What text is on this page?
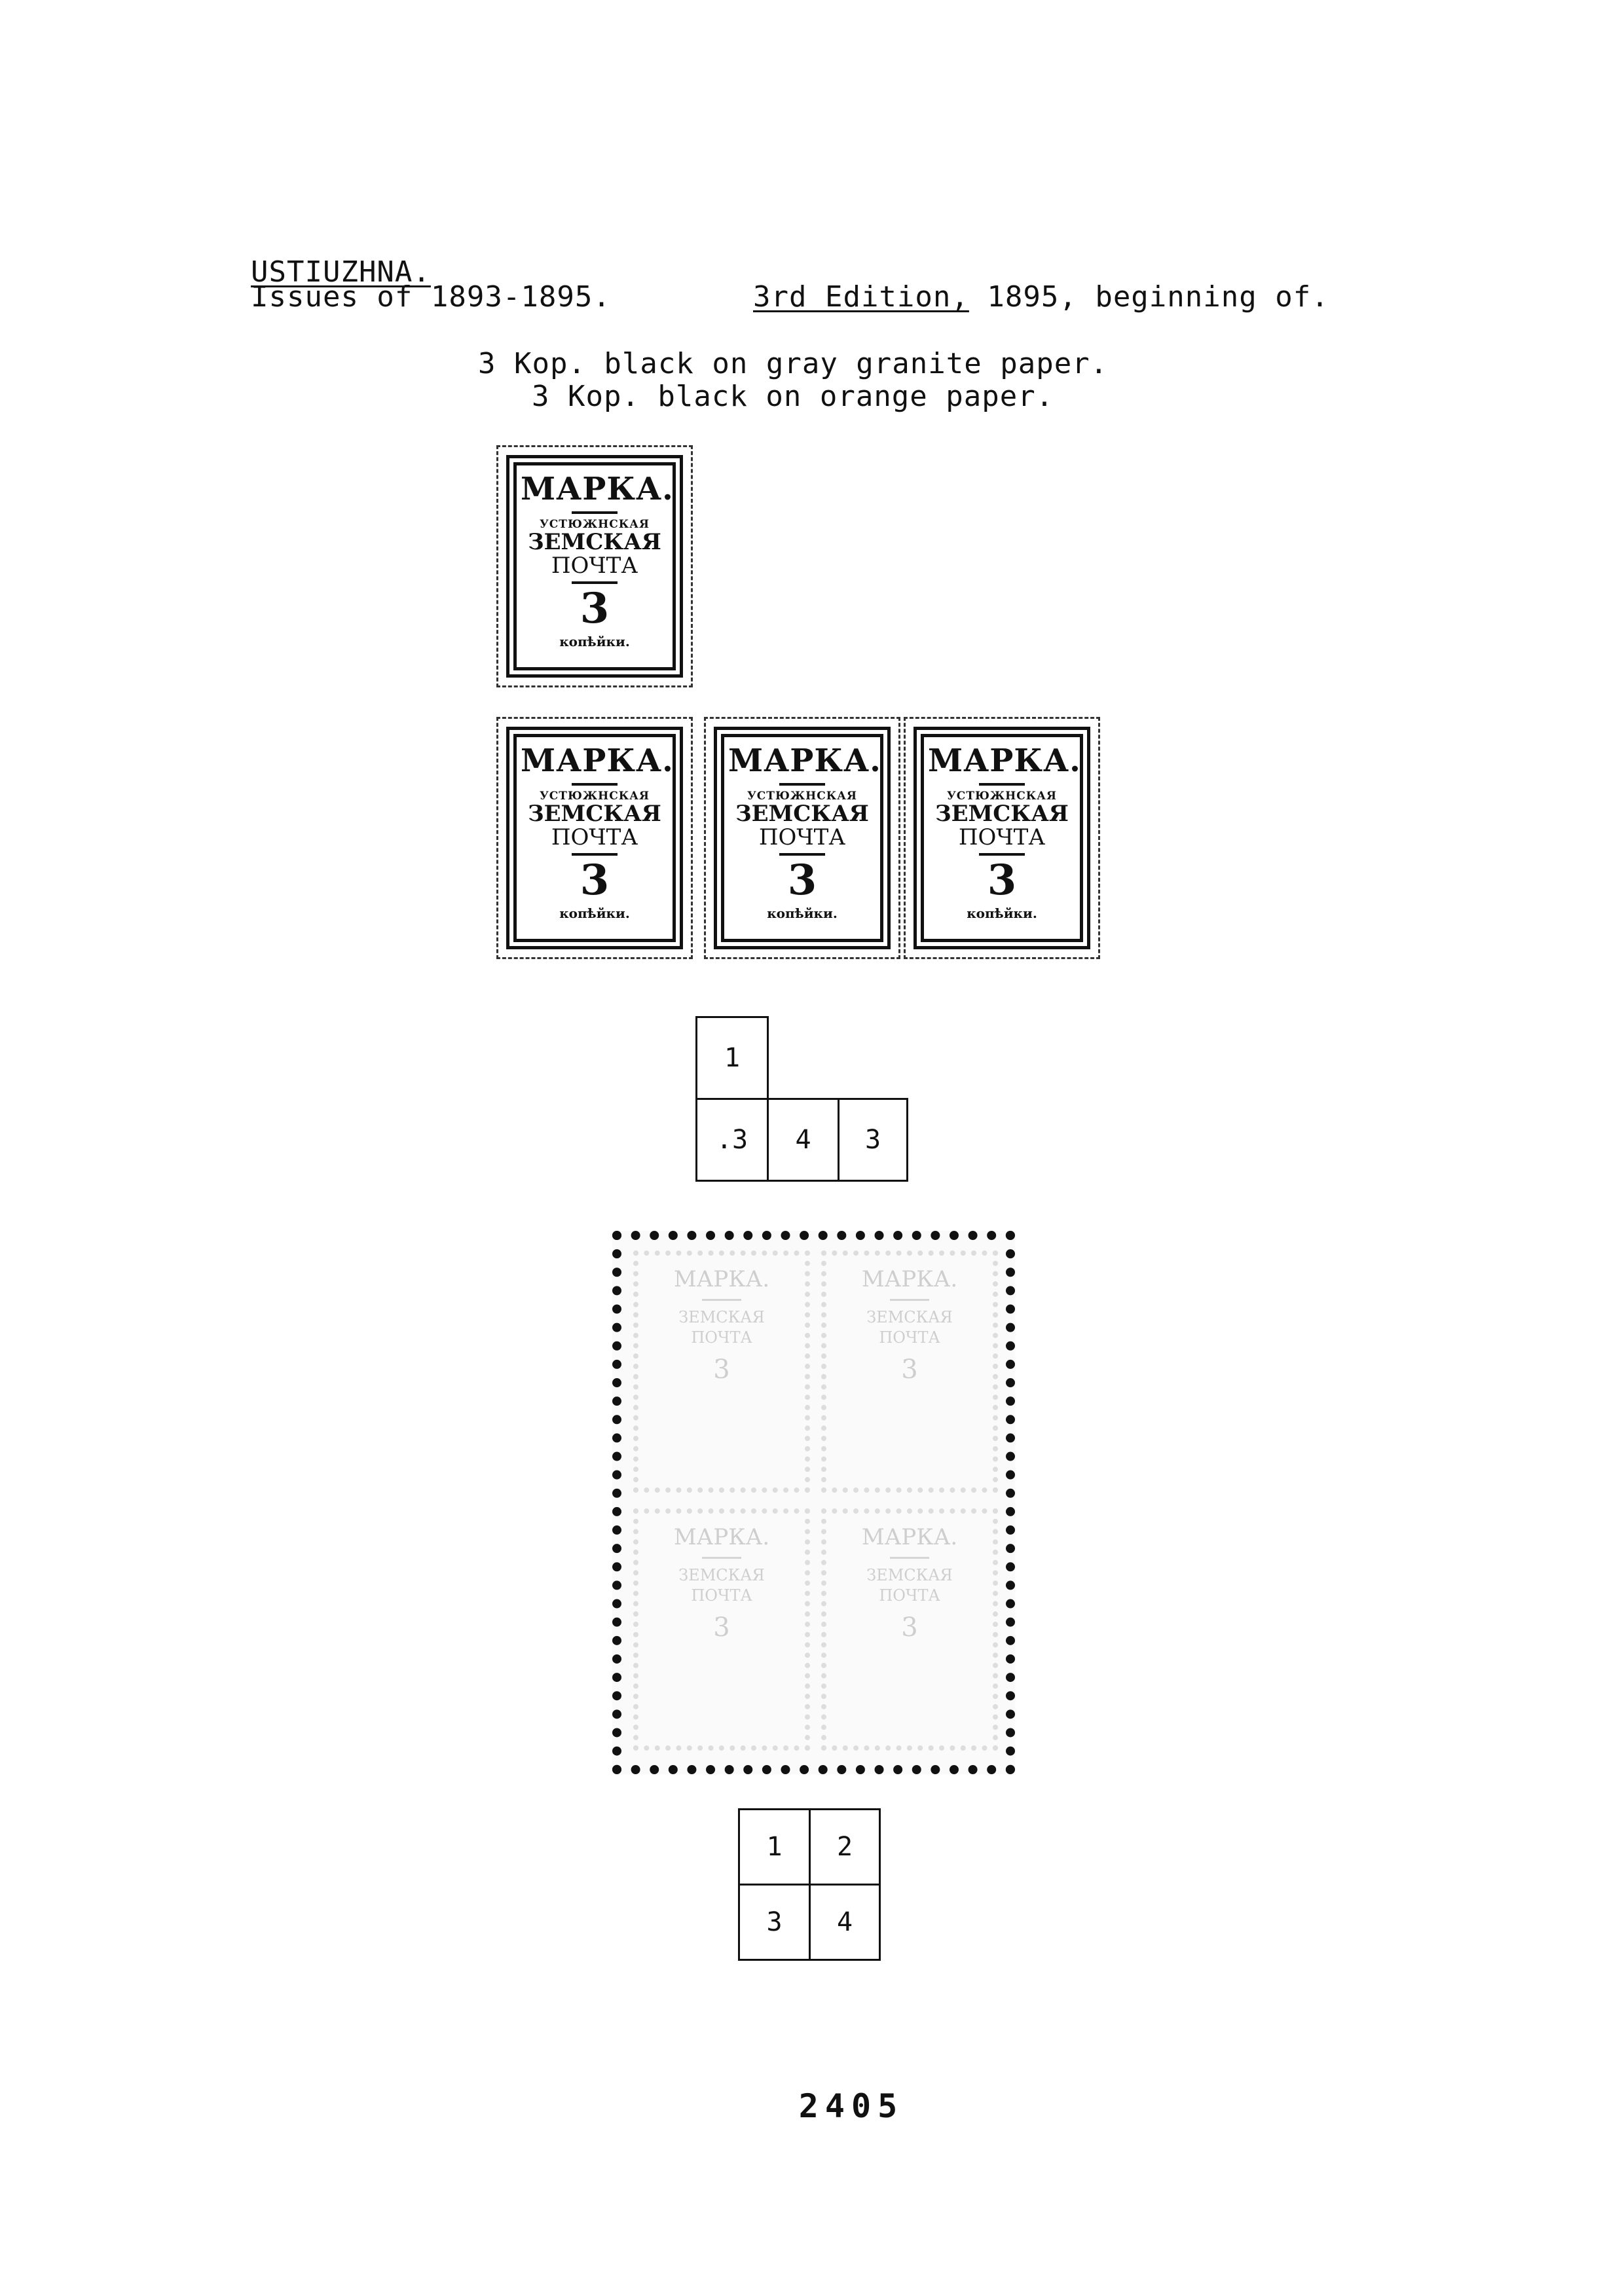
USTIUZHNA.
Issues of 1893-1895.	3rd Edition, 1895, beginning of.
3 Kop. black on gray granite paper.
3 Kop. black on orange paper.
МАРКА.
УСТЮЖНСКАЯ
ЗЕМСКАЯ
ПОЧТА
3
копѣйки.
МАРКА.
УСТЮЖНСКАЯ
ЗЕМСКАЯ
ПОЧТА
3
копѣйки.
МАРКА.
УСТЮЖНСКАЯ
ЗЕМСКАЯ
ПОЧТА
3
копѣйки.
МАРКА.
УСТЮЖНСКАЯ
ЗЕМСКАЯ
ПОЧТА
3
копѣйки.
1
.3	4	3
МАРКА.
ЗЕМСКАЯ
ПОЧТА
3
МАРКА.
ЗЕМСКАЯ
ПОЧТА
3
МАРКА.
ЗЕМСКАЯ
ПОЧТА
3
МАРКА.
ЗЕМСКАЯ
ПОЧТА
3
1	2
3	4
2405
